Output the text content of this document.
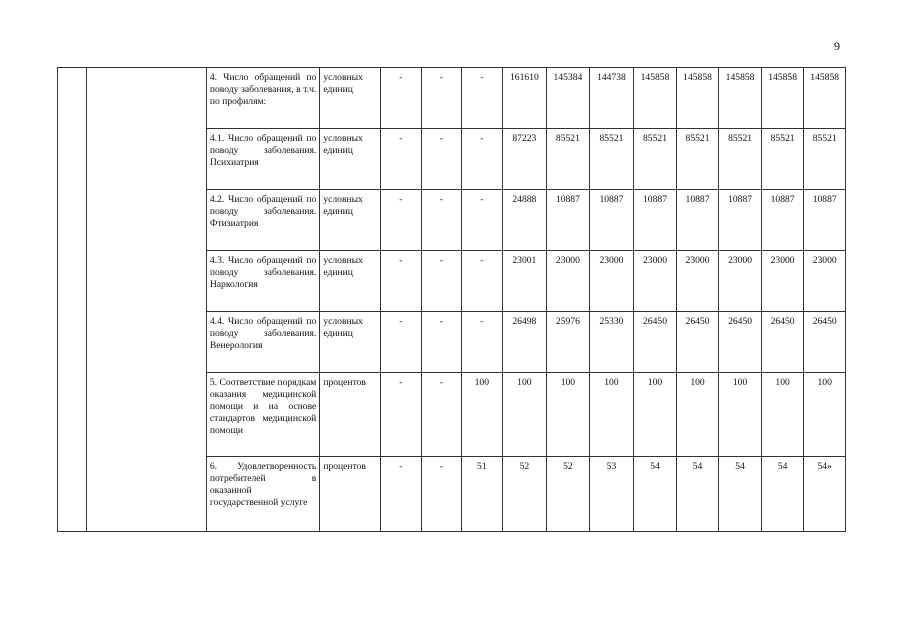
9
		4. Число обращений по поводу заболевания, в т.ч. по профилям:	условных единиц	-	-	-	161610	145384	144738	145858	145858	145858	145858	145858
		4.1. Число обращений по поводу заболевания. Психиатрия	условных единиц	-	-	-	87223	85521	85521	85521	85521	85521	85521	85521
		4.2. Число обращений по поводу заболевания. Фтизиатрия	условных единиц	-	-	-	24888	10887	10887	10887	10887	10887	10887	10887
		4.3. Число обращений по поводу заболевания. Наркология	условных единиц	-	-	-	23001	23000	23000	23000	23000	23000	23000	23000
		4.4. Число обращений по поводу заболевания. Венерология	условных единиц	-	-	-	26498	25976	25330	26450	26450	26450	26450	26450
		5. Соответствие порядкам оказания медицинской помощи и на основе стандартов медицинской помощи	процентов	-	-	100	100	100	100	100	100	100	100	100
		6. Удовлетворенность потребителей в оказанной государственной услуге	процентов	-	-	51	52	52	53	54	54	54	54	54»
